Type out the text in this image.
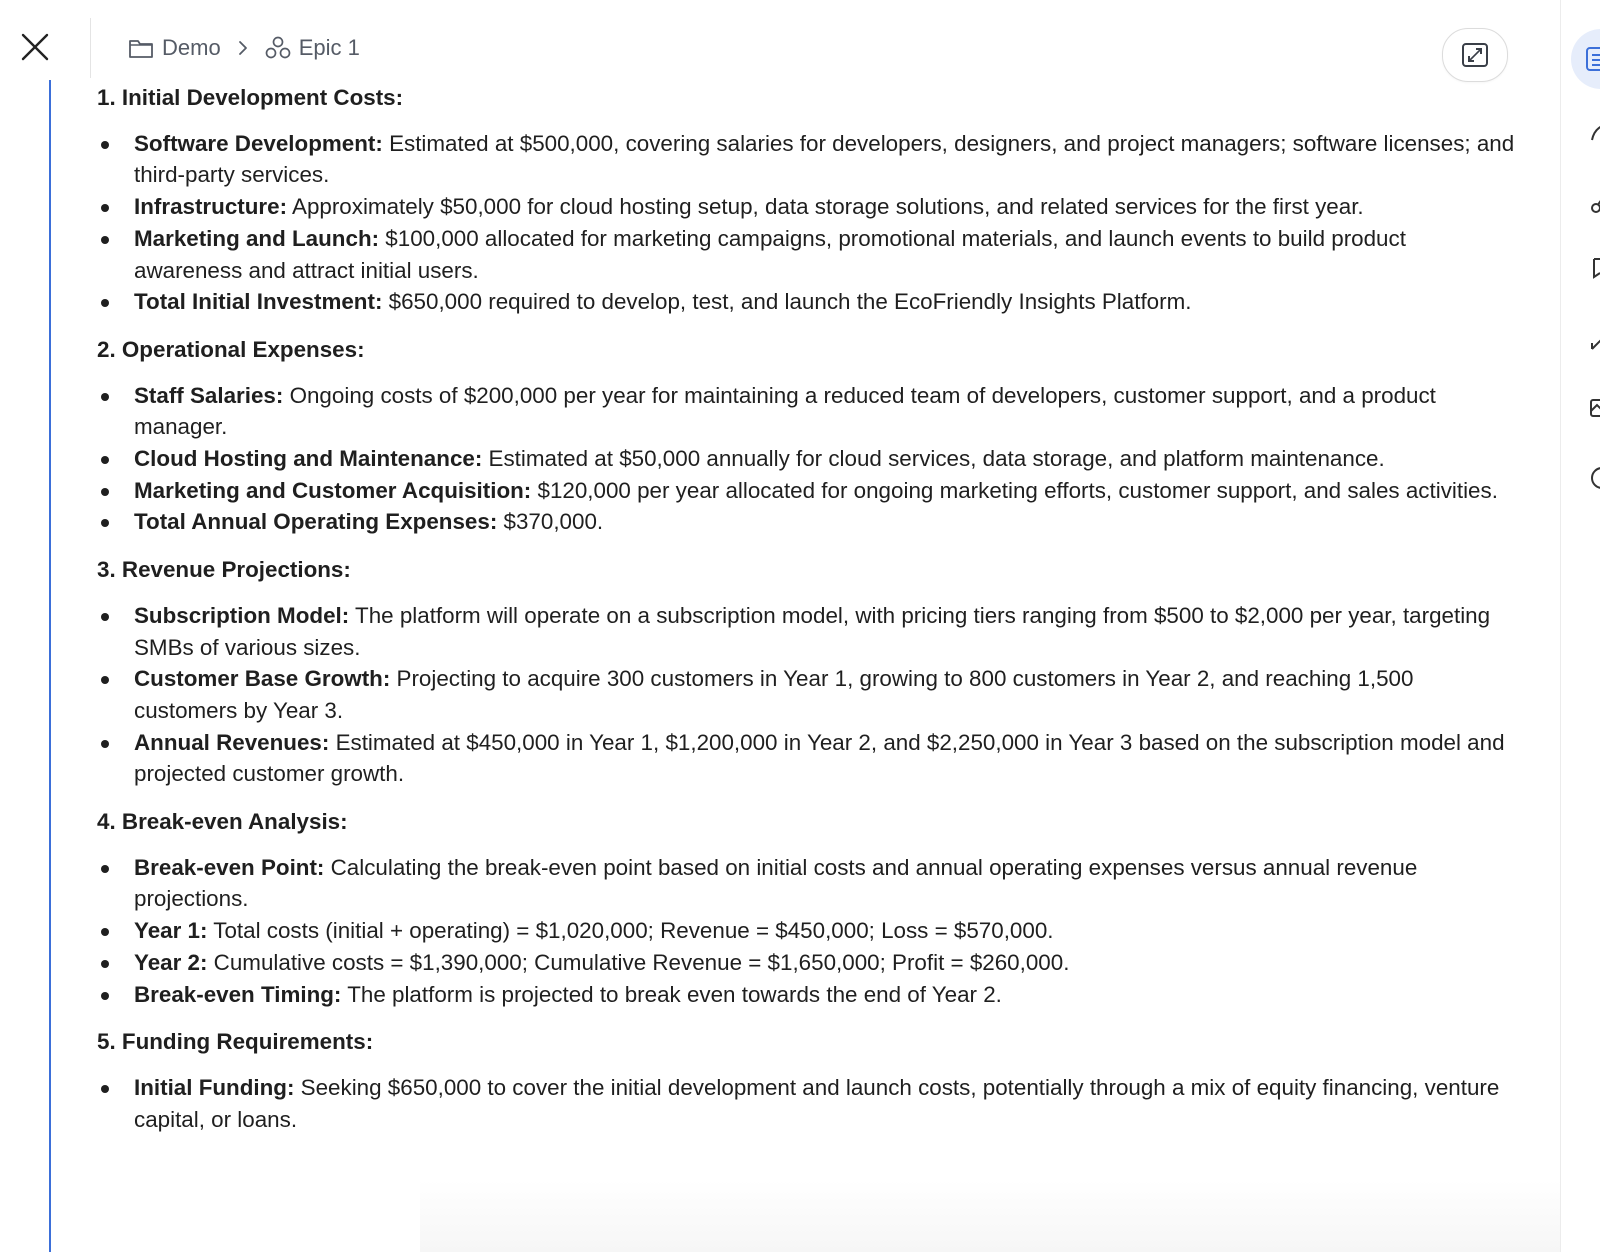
Demo	Epic 1
1. Initial Development Costs:
Software Development: Estimated at $500,000, covering salaries for developers, designers, and project managers; software licenses; and third-party services.
Infrastructure: Approximately $50,000 for cloud hosting setup, data storage solutions, and related services for the first year.
Marketing and Launch: $100,000 allocated for marketing campaigns, promotional materials, and launch events to build product awareness and attract initial users.
Total Initial Investment: $650,000 required to develop, test, and launch the EcoFriendly Insights Platform.
2. Operational Expenses:
Staff Salaries: Ongoing costs of $200,000 per year for maintaining a reduced team of developers, customer support, and a product manager.
Cloud Hosting and Maintenance: Estimated at $50,000 annually for cloud services, data storage, and platform maintenance.
Marketing and Customer Acquisition: $120,000 per year allocated for ongoing marketing efforts, customer support, and sales activities.
Total Annual Operating Expenses: $370,000.
3. Revenue Projections:
Subscription Model: The platform will operate on a subscription model, with pricing tiers ranging from $500 to $2,000 per year, targeting SMBs of various sizes.
Customer Base Growth: Projecting to acquire 300 customers in Year 1, growing to 800 customers in Year 2, and reaching 1,500 customers by Year 3.
Annual Revenues: Estimated at $450,000 in Year 1, $1,200,000 in Year 2, and $2,250,000 in Year 3 based on the subscription model and projected customer growth.
4. Break-even Analysis:
Break-even Point: Calculating the break-even point based on initial costs and annual operating expenses versus annual revenue projections.
Year 1: Total costs (initial + operating) = $1,020,000; Revenue = $450,000; Loss = $570,000.
Year 2: Cumulative costs = $1,390,000; Cumulative Revenue = $1,650,000; Profit = $260,000.
Break-even Timing: The platform is projected to break even towards the end of Year 2.
5. Funding Requirements:
Initial Funding: Seeking $650,000 to cover the initial development and launch costs, potentially through a mix of equity financing, venture capital, or loans.
